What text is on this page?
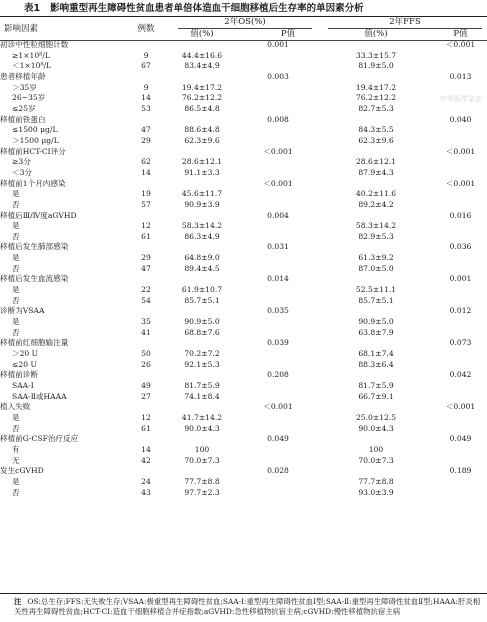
表1 影响重型再生障碍性贫血患者单倍体造血干细胞移植后生存率的单因素分析
影响因素	例数
2年OS(%)	2年FFS
值(%)	P值	值(%)	P值
初诊中性粒细胞计数			0.001		＜0.001
≥1×10⁸/L	9	44.4±16.6		33.3±15.7	
＜1×10⁸/L	67	83.4±4.9		81.9±5.0	
患者移植年龄			0.003		0.013
＞35岁	9	19.4±17.2		19.4±17.2	
26~35岁	14	76.2±12.2		76.2±12.2	
≤25岁	53	86.5±4.8		82.7±5.3	
移植前铁蛋白			0.008		0.040
≤1500 μg/L	47	88.6±4.8		84.3±5.5	
＞1500 μg/L	29	62.3±9.6		62.3±9.6	
移植前HCT-CI评分			＜0.001		＜0.001
≥3分	62	28.6±12.1		28.6±12.1	
＜3分	14	91.1±3.3		87.9±4.3	
移植前1个月内感染			＜0.001		＜0.001
是	19	45.6±11.7		40.2±11.6	
否	57	90.9±3.9		89.2±4.2	
移植后Ⅲ/Ⅳ度aGVHD			0.004		0.016
是	12	58.3±14.2		58.3±14.2	
否	61	86.3±4.9		82.9±5.3	
移植后发生肺部感染			0.031		0.036
是	29	64.8±9.0		61.3±9.2	
否	47	89.4±4.5		87.0±5.0	
移植后发生血流感染			0.014		0.001
是	22	61.9±10.7		52.5±11.1	
否	54	85.7±5.1		85.7±5.1	
诊断为VSAA			0.035		0.012
是	35	90.9±5.0		90.9±5.0	
否	41	68.8±7.6		63.8±7.9	
移植前红细胞输注量			0.039		0.073
＞20 U	50	70.2±7.2		68.1±7.4	
≤20 U	26	92.1±5.3		88.3±6.4	
移植前诊断			0.208		0.042
SAA-Ⅰ	49	81.7±5.9		81.7±5.9	
SAA-Ⅱ或HAAA	27	74.1±8.4		66.7±9.1	
植入失败			＜0.001		＜0.001
是	12	41.7±14.2		25.0±12.5	
否	61	90.0±4.3		90.0±4.3	
移植前G-CSF治疗反应			0.049		0.049
有	14	100		100	
无	42	70.0±7.3		70.0±7.3	
发生cGVHD			0.028		0.189
是	24	77.7±8.8		77.7±8.8	
否	43	97.7±2.3		93.0±3.9	
注 OS:总生存;FFS:无失败生存;VSAA:极重型再生障碍性贫血;SAA-Ⅰ:重型再生障碍性贫血Ⅰ型;SAA-Ⅱ:重型再生障碍性贫血Ⅱ型;HAAA:肝炎相关性再生障碍性贫血;HCT-CI:造血干细胞移植合并症指数;aGVHD:急性移植物抗宿主病;cGVHD:慢性移植物抗宿主病
中华医学杂志
